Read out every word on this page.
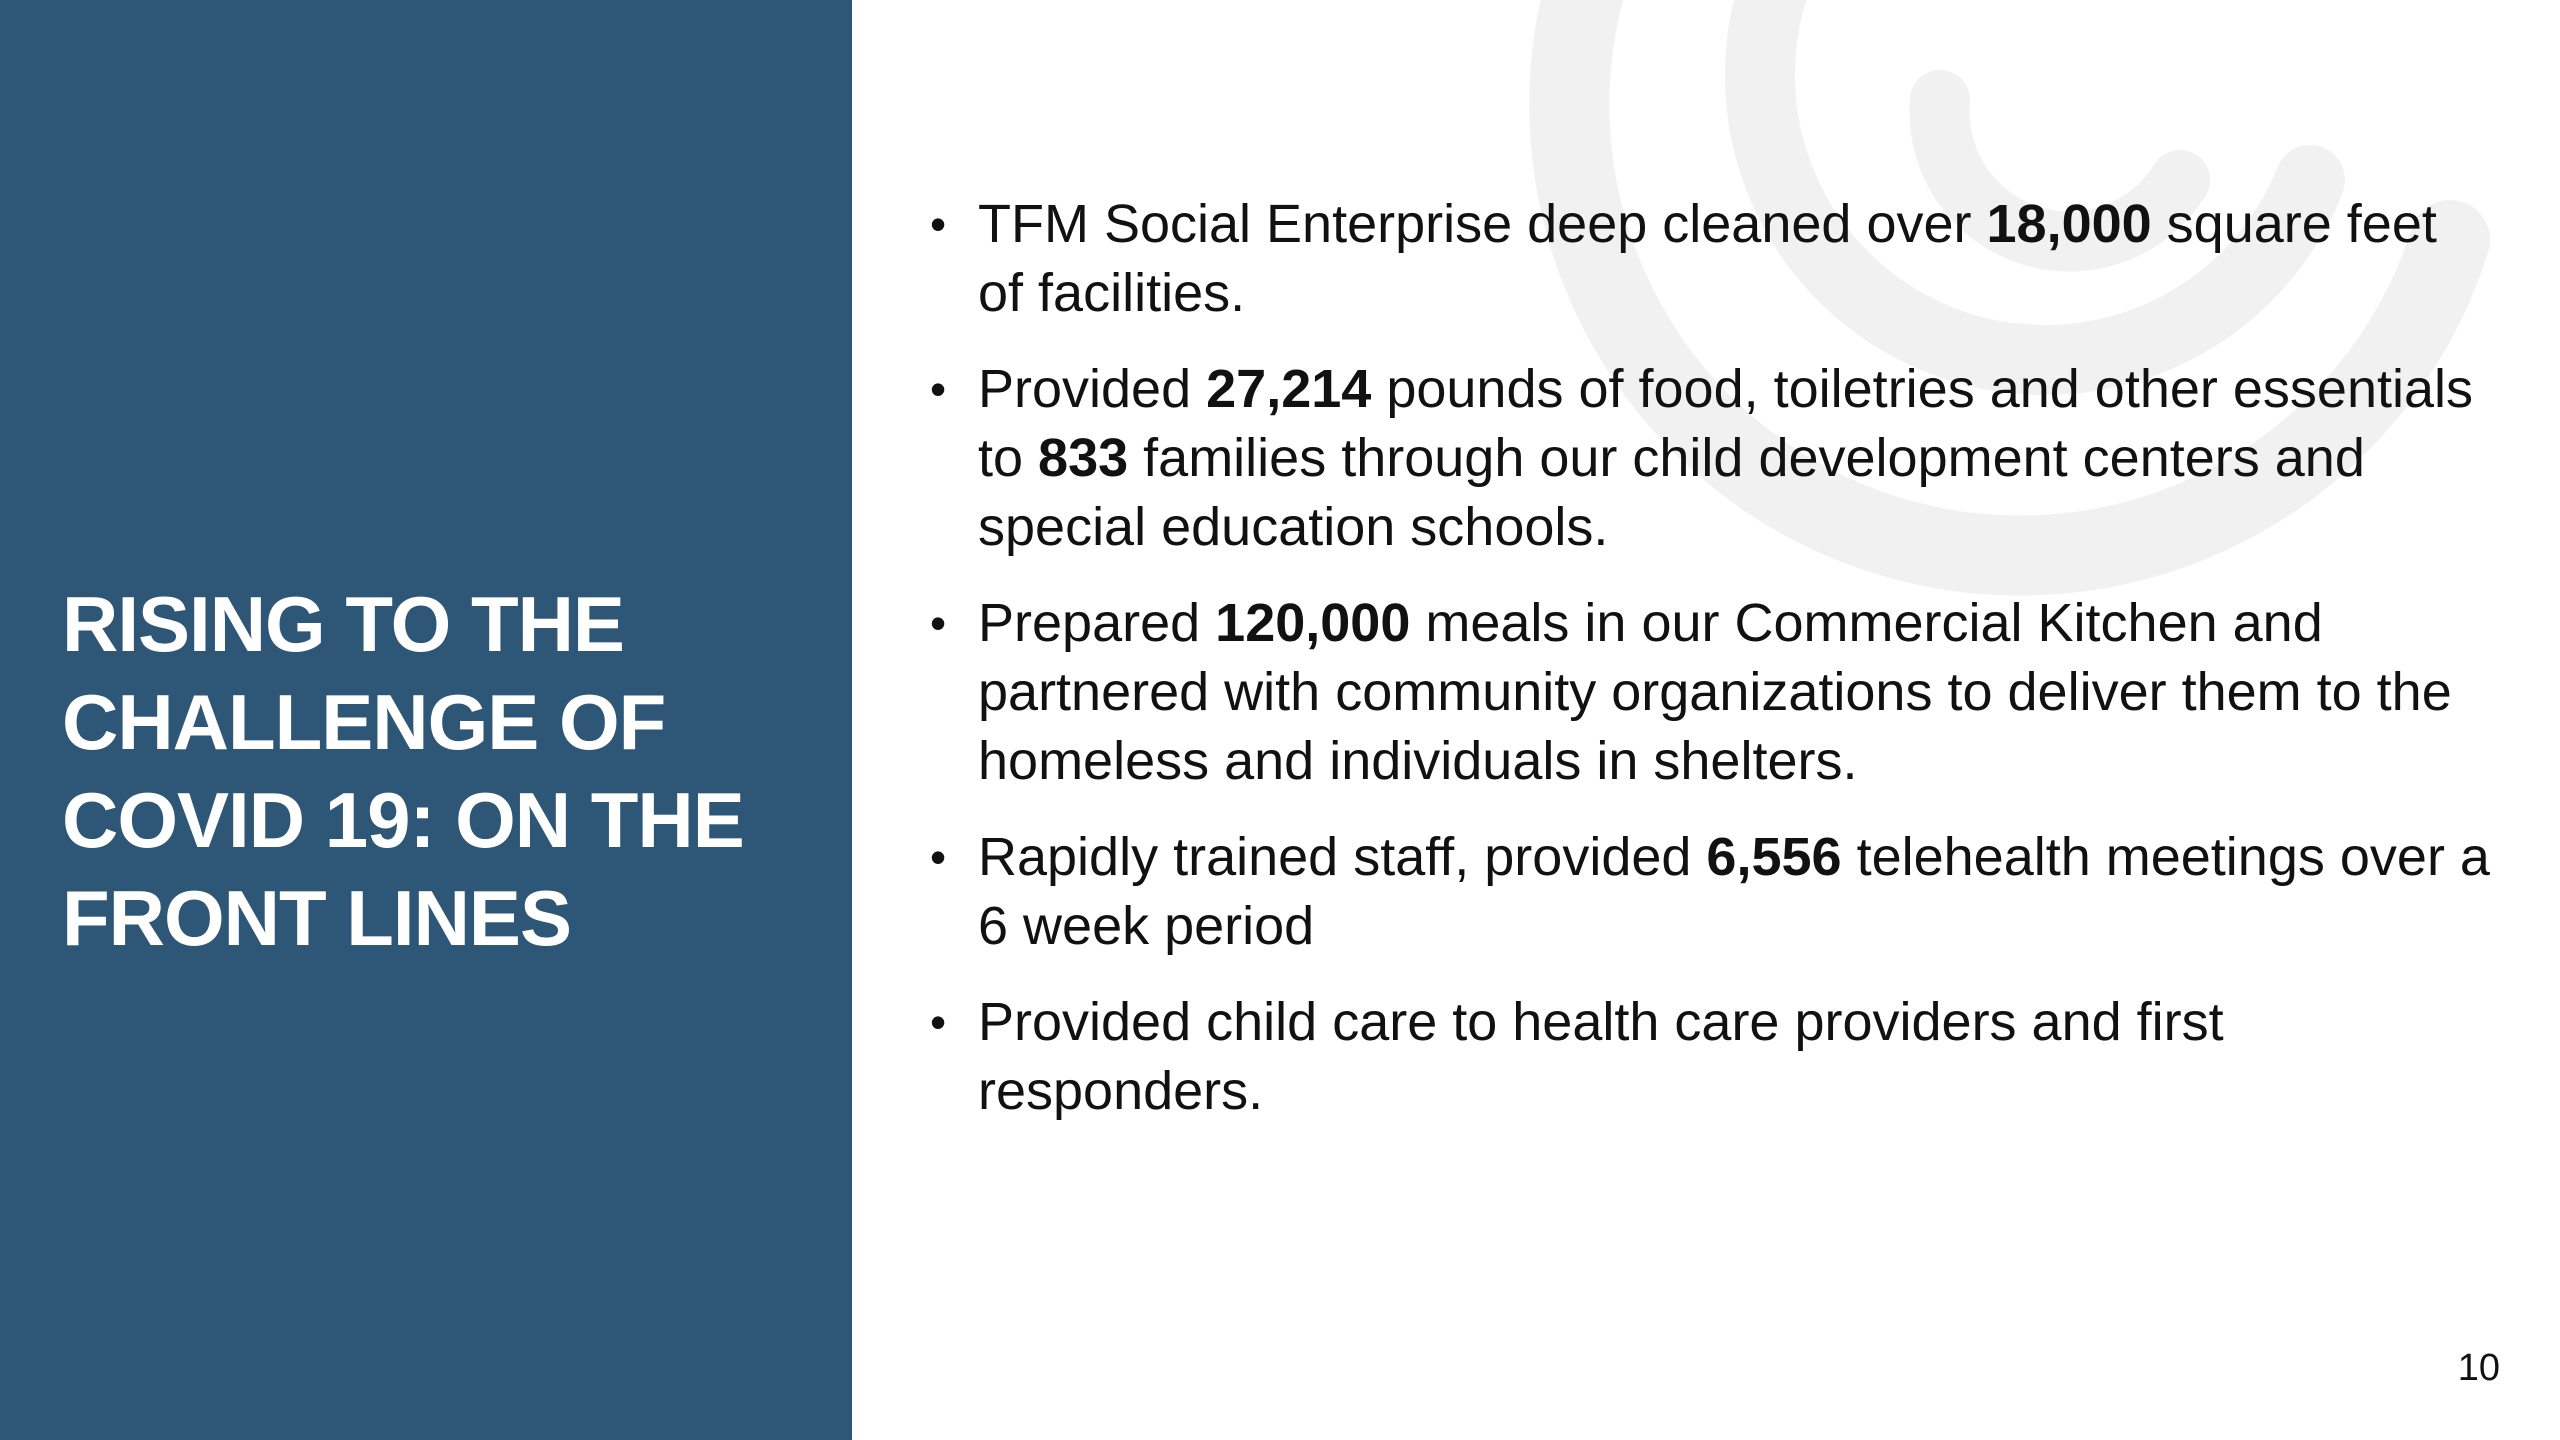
RISING TO THE
CHALLENGE OF
COVID 19: ON THE
FRONT LINES
• TFM Social Enterprise deep cleaned over 18,000 square feet of facilities.
• Provided 27,214 pounds of food, toiletries and other essentials to 833 families through our child development centers and special education schools.
• Prepared 120,000 meals in our Commercial Kitchen and partnered with community organizations to deliver them to the homeless and individuals in shelters.
• Rapidly trained staff, provided 6,556 telehealth meetings over a 6 week period
• Provided child care to health care providers and first responders.
10
